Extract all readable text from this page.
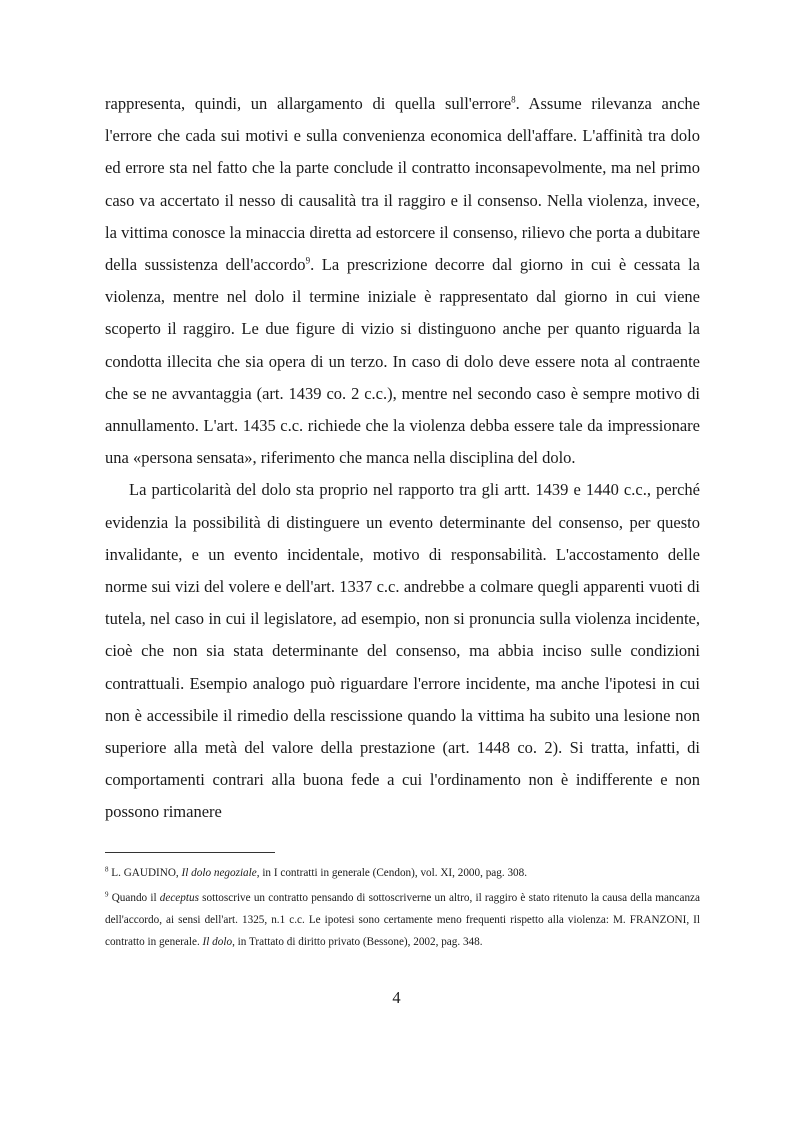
rappresenta, quindi, un allargamento di quella sull'errore$^8$. Assume rilevanza anche l'errore che cada sui motivi e sulla convenienza economica dell'affare. L'affinità tra dolo ed errore sta nel fatto che la parte conclude il contratto inconsapevolmente, ma nel primo caso va accertato il nesso di causalità tra il raggiro e il consenso. Nella violenza, invece, la vittima conosce la minaccia diretta ad estorcere il consenso, rilievo che porta a dubitare della sussistenza dell'accordo$^9$. La prescrizione decorre dal giorno in cui è cessata la violenza, mentre nel dolo il termine iniziale è rappresentato dal giorno in cui viene scoperto il raggiro. Le due figure di vizio si distinguono anche per quanto riguarda la condotta illecita che sia opera di un terzo. In caso di dolo deve essere nota al contraente che se ne avvantaggia (art. 1439 co. 2 c.c.), mentre nel secondo caso è sempre motivo di annullamento. L'art. 1435 c.c. richiede che la violenza debba essere tale da impressionare una «persona sensata», riferimento che manca nella disciplina del dolo.

La particolarità del dolo sta proprio nel rapporto tra gli artt. 1439 e 1440 c.c., perché evidenzia la possibilità di distinguere un evento determinante del consenso, per questo invalidante, e un evento incidentale, motivo di responsabilità. L'accostamento delle norme sui vizi del volere e dell'art. 1337 c.c. andrebbe a colmare quegli apparenti vuoti di tutela, nel caso in cui il legislatore, ad esempio, non si pronuncia sulla violenza incidente, cioè che non sia stata determinante del consenso, ma abbia inciso sulle condizioni contrattuali. Esempio analogo può riguardare l'errore incidente, ma anche l'ipotesi in cui non è accessibile il rimedio della rescissione quando la vittima ha subito una lesione non superiore alla metà del valore della prestazione (art. 1448 co. 2). Si tratta, infatti, di comportamenti contrari alla buona fede a cui l'ordinamento non è indifferente e non possono rimanere

$^8$ L. GAUDINO, Il dolo negoziale, in I contratti in generale (Cendon), vol. XI, 2000, pag. 308.

$^9$ Quando il deceptus sottoscrive un contratto pensando di sottoscriverne un altro, il raggiro è stato ritenuto la causa della mancanza dell'accordo, ai sensi dell'art. 1325, n.1 c.c. Le ipotesi sono certamente meno frequenti rispetto alla violenza: M. FRANZONI, Il contratto in generale. Il dolo, in Trattato di diritto privato (Bessone), 2002, pag. 348.

4
